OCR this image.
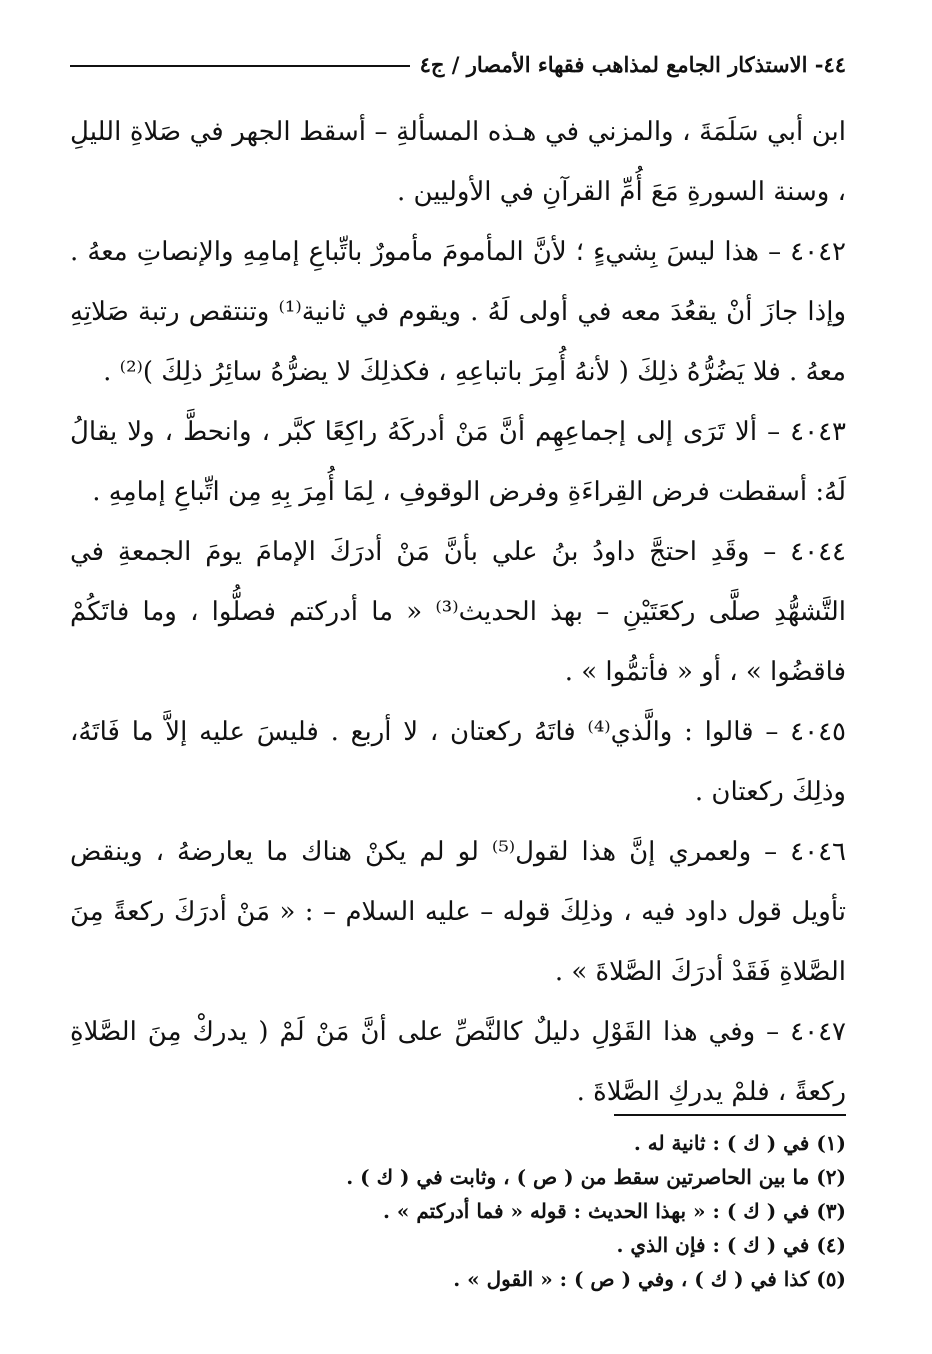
٤٤- الاستذكار الجامع لمذاهب فقهاء الأمصار / ج٤

ابن أبي سَلَمَةَ ، والمزني في هـذه المسألةِ – أسقط الجهر في صَلاةِ الليلِ ، وسنة السورةِ مَعَ أُمِّ القرآنِ في الأوليين .

٤٠٤٢ – هذا ليسَ بِشيءٍ ؛ لأنَّ المأمومَ مأمورٌ باتِّباعِ إمامِهِ والإنصاتِ معهُ . وإذا جازَ أنْ يقعُدَ معه في أولى لَهُ . ويقوم في ثانية⁽¹⁾ وتنتقص رتبة صَلاتِهِ معهُ . فلا يَضُرُّهُ ذلِكَ ( لأنهُ أُمِرَ باتباعِهِ ، فكذلِكَ لا يضرُّهُ سائِرُ ذلِكَ )⁽²⁾ .

٤٠٤٣ – ألا تَرَى إلى إجماعِهِم أنَّ مَنْ أدركَهُ راكِعًا كبَّر ، وانحطَّ ، ولا يقالُ لَهُ: أسقطت فرض القِراءَةِ وفرض الوقوفِ ، لِمَا أُمِرَ بِهِ مِن اتِّباعِ إمامِهِ .

٤٠٤٤ – وقَدِ احتجَّ داودُ بنُ علي بأنَّ مَنْ أدرَكَ الإمامَ يومَ الجمعةِ في التَّشهُّدِ صلَّى ركعَتَيْنِ – بهذ الحديث⁽³⁾ « ما أدركتم فصلُّوا ، وما فاتَكُمْ فاقضُوا » ، أو « فأتمُّوا » .

٤٠٤٥ – قالوا : والَّذي⁽⁴⁾ فاتَهُ ركعتان ، لا أربع . فليسَ عليه إلاَّ ما فَاتَهُ، وذلِكَ ركعتان .

٤٠٤٦ – ولعمري إنَّ هذا لقول⁽⁵⁾ لو لم يكنْ هناك ما يعارضهُ ، وينقض تأويل قول داود فيه ، وذلِكَ قوله – عليه السلام – : « مَنْ أدرَكَ ركعةً مِنَ الصَّلاةِ فَقَدْ أدرَكَ الصَّلاةَ » .

٤٠٤٧ – وفي هذا القَوْلِ دليلٌ كالنَّصِّ على أنَّ مَنْ لَمْ ( يدركْ مِنَ الصَّلاةِ ركعةً ، فلمْ يدركِ الصَّلاةَ .

(١) في ( ك ) : ثانية له .

(٢) ما بين الحاصرتين سقط من ( ص ) ، وثابت في ( ك ) .

(٣) في ( ك ) : « بهذا الحديث : قوله « فما أدركتم » .

(٤) في ( ك ) : فإن الذي .

(٥) كذا في ( ك ) ، وفي ( ص ) : « القول » .
